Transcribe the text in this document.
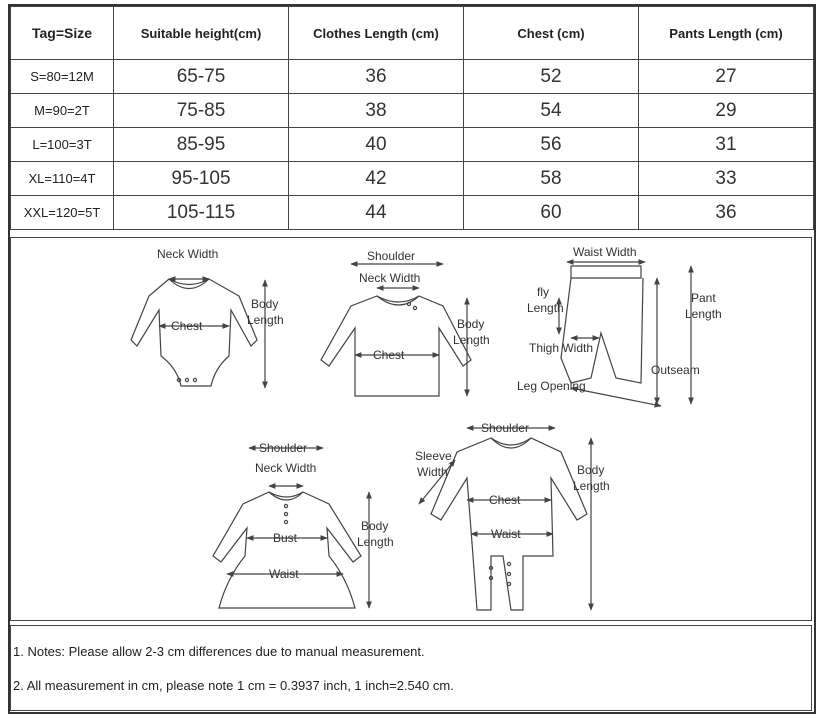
Tag=Size	Suitable height(cm)	Clothes Length (cm)	Chest (cm)	Pants Length (cm)
S=80=12M	65-75	36	52	27
M=90=2T	75-85	38	54	29
L=100=3T	85-95	40	56	31
XL=110=4T	95-105	42	58	33
XXL=120=5T	105-115	44	60	36
Neck Width
Body
Length
Chest
Shoulder
Neck Width
Body
Length
Chest
Waist Width
fly
Length
Pant
Length
Thigh Width
Outseam
Leg Opening
Shoulder
Neck Width
Bust
Waist
Body
Length
Shoulder
Sleeve
Width
Chest
Waist
Body
Length
1. Notes: Please allow 2-3 cm differences due to manual measurement.
2. All measurement in cm, please note 1 cm = 0.3937 inch, 1 inch=2.540 cm.
